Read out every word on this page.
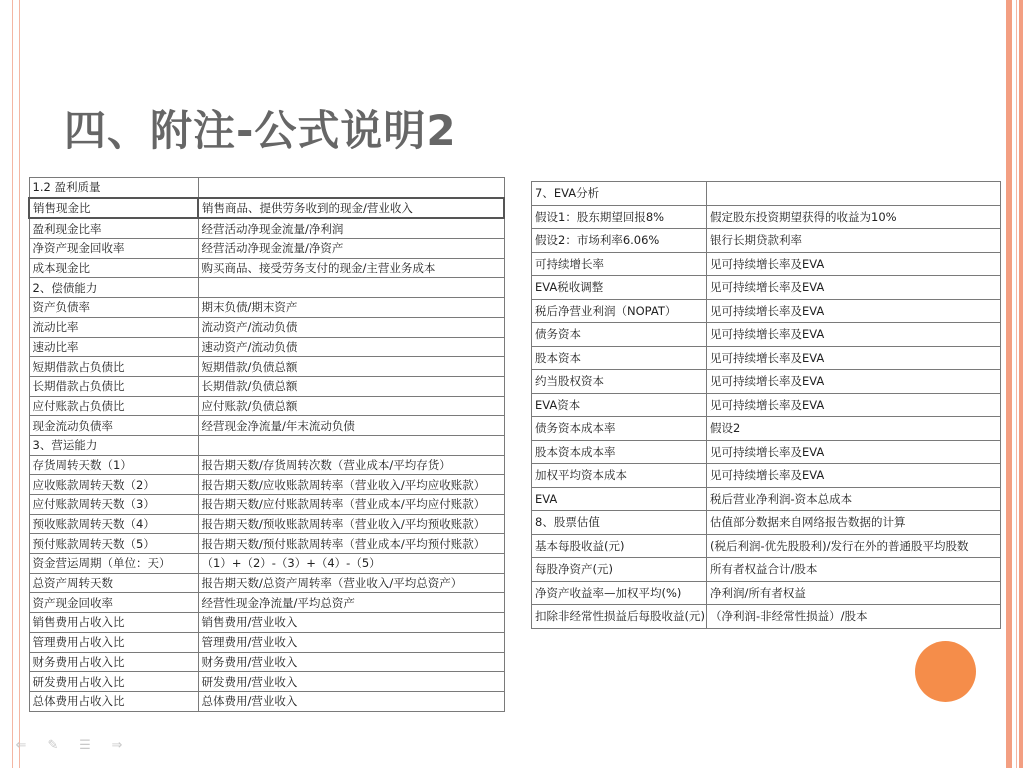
四、附注-公式说明2
1.2 盈利质量	
销售现金比	销售商品、提供劳务收到的现金/营业收入
盈利现金比率	经营活动净现金流量/净利润
净资产现金回收率	经营活动净现金流量/净资产
成本现金比	购买商品、接受劳务支付的现金/主营业务成本
2、偿债能力	
资产负债率	期末负债/期末资产
流动比率	流动资产/流动负债
速动比率	速动资产/流动负债
短期借款占负债比	短期借款/负债总额
长期借款占负债比	长期借款/负债总额
应付账款占负债比	应付账款/负债总额
现金流动负债率	经营现金净流量/年末流动负债
3、营运能力	
存货周转天数（1）	报告期天数/存货周转次数（营业成本/平均存货）
应收账款周转天数（2）	报告期天数/应收账款周转率（营业收入/平均应收账款）
应付账款周转天数（3）	报告期天数/应付账款周转率（营业成本/平均应付账款）
预收账款周转天数（4）	报告期天数/预收账款周转率（营业收入/平均预收账款）
预付账款周转天数（5）	报告期天数/预付账款周转率（营业成本/平均预付账款）
资金营运周期（单位：天）	（1）+（2）-（3）+（4）-（5）
总资产周转天数	报告期天数/总资产周转率（营业收入/平均总资产）
资产现金回收率	经营性现金净流量/平均总资产
销售费用占收入比	销售费用/营业收入
管理费用占收入比	管理费用/营业收入
财务费用占收入比	财务费用/营业收入
研发费用占收入比	研发费用/营业收入
总体费用占收入比	总体费用/营业收入
7、EVA分析	
假设1：股东期望回报8%	假定股东投资期望获得的收益为10%
假设2：市场利率6.06%	银行长期贷款利率
可持续增长率	见可持续增长率及EVA
EVA税收调整	见可持续增长率及EVA
税后净营业利润（NOPAT）	见可持续增长率及EVA
债务资本	见可持续增长率及EVA
股本资本	见可持续增长率及EVA
约当股权资本	见可持续增长率及EVA
EVA资本	见可持续增长率及EVA
债务资本成本率	假设2
股本资本成本率	见可持续增长率及EVA
加权平均资本成本	见可持续增长率及EVA
EVA	税后营业净利润-资本总成本
8、股票估值	估值部分数据来自网络报告数据的计算
基本每股收益(元)	(税后利润-优先股股利)/发行在外的普通股平均股数
每股净资产(元)	所有者权益合计/股本
净资产收益率—加权平均(%)	净利润/所有者权益
扣除非经常性损益后每股收益(元)	（净利润-非经常性损益）/股本
⇐ ✎ ☰ ⇒
